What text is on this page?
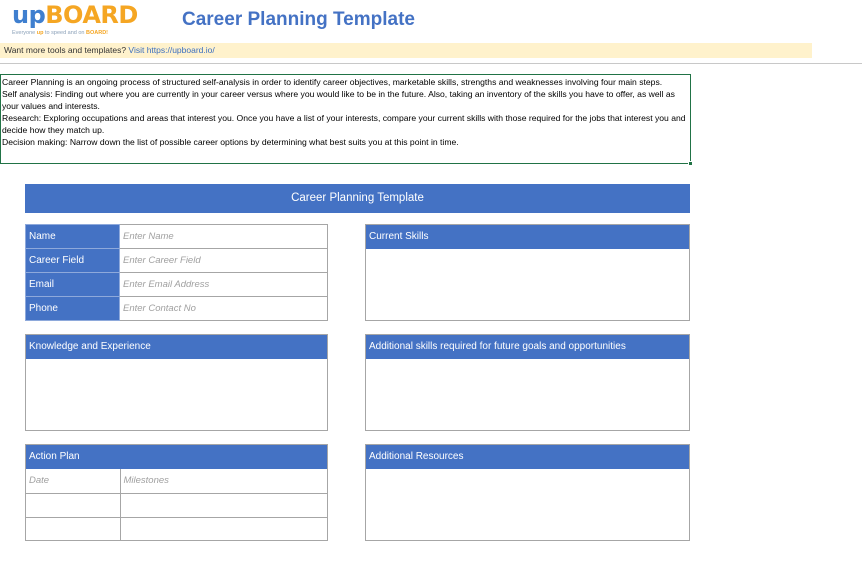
upBOARD
Everyone up to speed and on BOARD!
Career Planning Template
Want more tools and templates? Visit https://upboard.io/
Career Planning is an ongoing process of structured self-analysis in order to identify career objectives, marketable skills, strengths and weaknesses involving four main steps.
Self analysis: Finding out where you are currently in your career versus where you would like to be in the future. Also, taking an inventory of the skills you have to offer, as well as your values and interests.
Research: Exploring occupations and areas that interest you. Once you have a list of your interests, compare your current skills with those required for the jobs that interest you and decide how they match up.
Decision making: Narrow down the list of possible career options by determining what best suits you at this point in time.
Career Planning Template
Name	Enter Name
Career Field	Enter Career Field
Email	Enter Email Address
Phone	Enter Contact No
Current Skills
Knowledge and Experience	Additional skills required for future goals and opportunities
Action Plan
Date	Milestones

Additional Resources
